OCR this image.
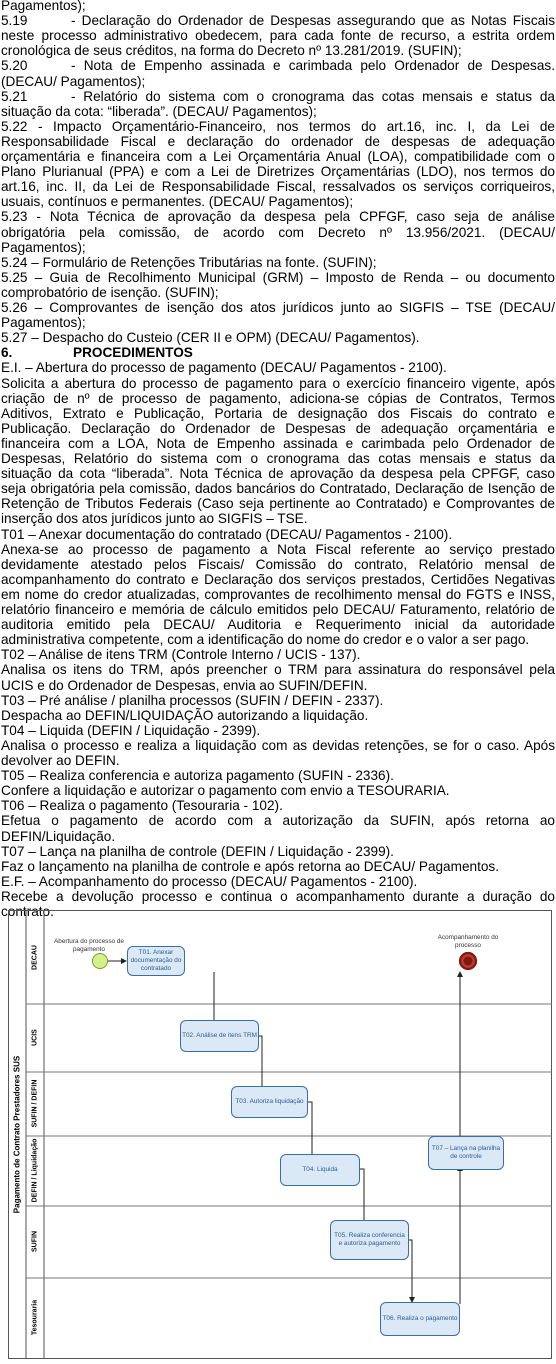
Pagamentos);
5.19	- Declaração do Ordenador de Despesas assegurando que as Notas Fiscais
neste processo administrativo obedecem, para cada fonte de recurso, a estrita ordem
cronológica de seus créditos, na forma do Decreto nº 13.281/2019. (SUFIN);
5.20	- Nota de Empenho assinada e carimbada pelo Ordenador de Despesas.
(DECAU/ Pagamentos);
5.21	- Relatório do sistema com o cronograma das cotas mensais e status da
situação da cota: “liberada”. (DECAU/ Pagamentos);
5.22 - Impacto Orçamentário-Financeiro, nos termos do art.16, inc. I, da Lei de
Responsabilidade Fiscal e declaração do ordenador de despesas de adequação
orçamentária e financeira com a Lei Orçamentária Anual (LOA), compatibilidade com o
Plano Plurianual (PPA) e com a Lei de Diretrizes Orçamentárias (LDO), nos termos do
art.16, inc. II, da Lei de Responsabilidade Fiscal, ressalvados os serviços corriqueiros,
usuais, contínuos e permanentes. (DECAU/ Pagamentos);
5.23 - Nota Técnica de aprovação da despesa pela CPFGF, caso seja de análise
obrigatória pela comissão, de acordo com Decreto nº 13.956/2021. (DECAU/
Pagamentos);
5.24 – Formulário de Retenções Tributárias na fonte. (SUFIN);
5.25 – Guia de Recolhimento Municipal (GRM) – Imposto de Renda – ou documento
comprobatório de isenção. (SUFIN);
5.26 – Comprovantes de isenção dos atos jurídicos junto ao SIGFIS – TSE (DECAU/
Pagamentos);
5.27 – Despacho do Custeio (CER II e OPM) (DECAU/ Pagamentos).
6.	PROCEDIMENTOS
E.I. – Abertura do processo de pagamento (DECAU/ Pagamentos - 2100).
Solicita a abertura do processo de pagamento para o exercício financeiro vigente, após
criação de nº de processo de pagamento, adiciona-se cópias de Contratos, Termos
Aditivos, Extrato e Publicação, Portaria de designação dos Fiscais do contrato e
Publicação. Declaração do Ordenador de Despesas de adequação orçamentária e
financeira com a LOA, Nota de Empenho assinada e carimbada pelo Ordenador de
Despesas, Relatório do sistema com o cronograma das cotas mensais e status da
situação da cota “liberada”. Nota Técnica de aprovação da despesa pela CPFGF, caso
seja obrigatória pela comissão, dados bancários do Contratado, Declaração de Isenção de
Retenção de Tributos Federais (Caso seja pertinente ao Contratado) e Comprovantes de
inserção dos atos jurídicos junto ao SIGFIS – TSE.
T01 – Anexar documentação do contratado (DECAU/ Pagamentos - 2100).
Anexa-se ao processo de pagamento a Nota Fiscal referente ao serviço prestado
devidamente atestado pelos Fiscais/ Comissão do contrato, Relatório mensal de
acompanhamento do contrato e Declaração dos serviços prestados, Certidões Negativas
em nome do credor atualizadas, comprovantes de recolhimento mensal do FGTS e INSS,
relatório financeiro e memória de cálculo emitidos pelo DECAU/ Faturamento, relatório de
auditoria emitido pela DECAU/ Auditoria e Requerimento inicial da autoridade
administrativa competente, com a identificação do nome do credor e o valor a ser pago.
T02 – Análise de itens TRM (Controle Interno / UCIS - 137).
Analisa os itens do TRM, após preencher o TRM para assinatura do responsável pela
UCIS e do Ordenador de Despesas, envia ao SUFIN/DEFIN.
T03 – Pré análise / planilha processos (SUFIN / DEFIN - 2337).
Despacha ao DEFIN/LIQUIDAÇÃO autorizando a liquidação.
T04 – Liquida (DEFIN / Liquidação - 2399).
Analisa o processo e realiza a liquidação com as devidas retenções, se for o caso. Após
devolver ao DEFIN.
T05 – Realiza conferencia e autoriza pagamento (SUFIN - 2336).
Confere a liquidação e autorizar o pagamento com envio a TESOURARIA.
T06 – Realiza o pagamento (Tesouraria - 102).
Efetua o pagamento de acordo com a autorização da SUFIN, após retorna ao
DEFIN/Liquidação.
T07 – Lança na planilha de controle (DEFIN / Liquidação - 2399).
Faz o lançamento na planilha de controle e após retorna ao DECAU/ Pagamentos.
E.F. – Acompanhamento do processo (DECAU/ Pagamentos - 2100).
Recebe a devolução processo e continua o acompanhamento durante a duração do
contrato.
Pagamento de Contrato Prestadores SUS
DECAU
UCIS
SUFIN / DEFIN
DEFIN / Liquidação
SUFIN
Tesouraria
Abertura do processo de pagamento
Acompanhamento do processo
T01. Anexar documentação do contratado
T02. Análise de itens TRM
T03. Autoriza liquidação
T04. Liquida
T05. Realiza conferencia e autoriza pagamento
T06. Realiza o pagamento
T07 – Lança na planilha de controle
